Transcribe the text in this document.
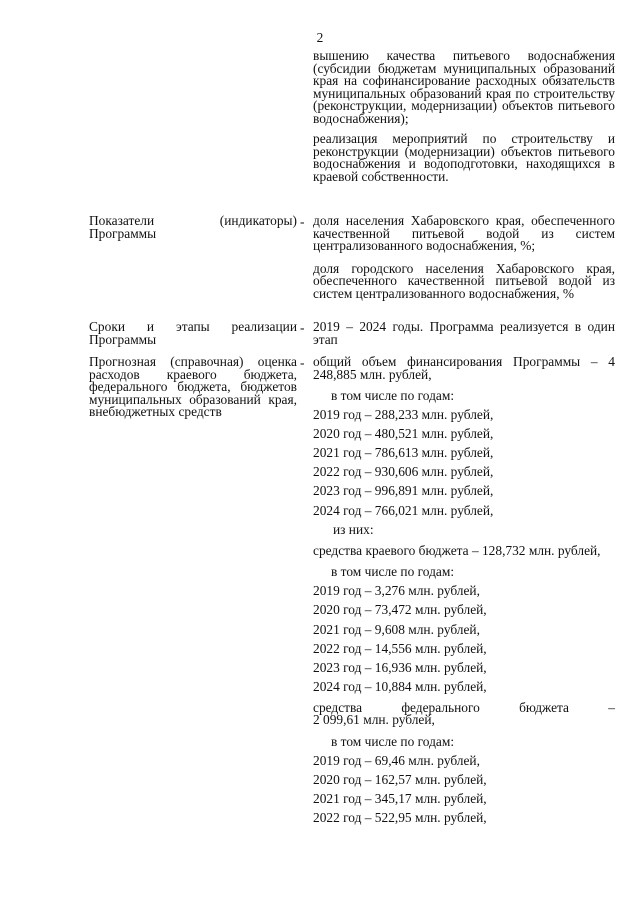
2

вышению качества питьевого водоснабжения (субсидии бюджетам муниципальных образований края на софинансирование расходных обязательств муниципальных образований края по строительству (реконструкции, модернизации) объектов питьевого водоснабжения);

реализация мероприятий по строительству и реконструкции (модернизации) объектов питьевого водоснабжения и водоподготовки, находящихся в краевой собственности.

Показатели (индикаторы) Программы
- доля населения Хабаровского края, обеспеченного качественной питьевой водой из систем централизованного водоснабжения, %;

доля городского населения Хабаровского края, обеспеченного качественной питьевой водой из систем централизованного водоснабжения, %

Сроки и этапы реализации Программы
- 2019 – 2024 годы. Программа реализуется в один этап

Прогнозная (справочная) оценка расходов краевого бюджета, федерального бюджета, бюджетов муниципальных образований края, внебюджетных средств
- общий объем финансирования Программы – 4 248,885 млн. рублей,

в том числе по годам:

2019 год – 288,233 млн. рублей,

2020 год – 480,521 млн. рублей,

2021 год – 786,613 млн. рублей,

2022 год – 930,606 млн. рублей,

2023 год – 996,891 млн. рублей,

2024 год – 766,021 млн. рублей,

из них:

средства краевого бюджета – 128,732 млн. рублей,

в том числе по годам:

2019 год – 3,276 млн. рублей,

2020 год – 73,472 млн. рублей,

2021 год – 9,608 млн. рублей,

2022 год – 14,556 млн. рублей,

2023 год – 16,936 млн. рублей,

2024 год – 10,884 млн. рублей,

средства	федерального	бюджета	–
2 099,61 млн. рублей,

в том числе по годам:

2019 год – 69,46 млн. рублей,

2020 год – 162,57 млн. рублей,

2021 год – 345,17 млн. рублей,

2022 год – 522,95 млн. рублей,
